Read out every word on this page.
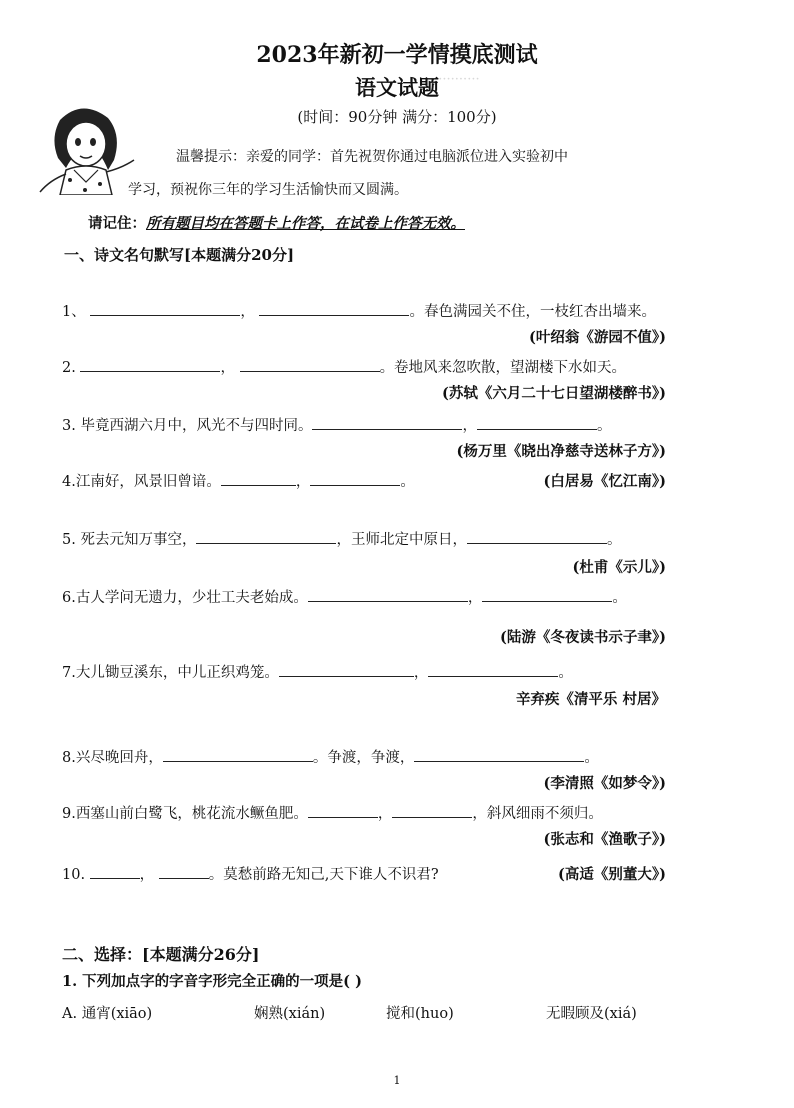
············
2023年新初一学情摸底测试
语文试题
(时间：90分钟 满分：100分)
温馨提示：亲爱的同学：首先祝贺你通过电脑派位进入实验初中
学习，预祝你三年的学习生活愉快而又圆满。
请记住：所有题目均在答题卡上作答，在试卷上作答无效。
一、诗文名句默写[本题满分20分]
1、	，	。春色满园关不住，一枝红杏出墙来。
(叶绍翁《游园不值》)
2.	，	。卷地风来忽吹散，望湖楼下水如天。
(苏轼《六月二十七日望湖楼醉书》)
3. 毕竟西湖六月中，风光不与四时同。	，	。
(杨万里《晓出净慈寺送林子方》)
4.江南好，风景旧曾谙。	，	。	(白居易《忆江南》)
5. 死去元知万事空，	，王师北定中原日，	。
(杜甫《示儿》)
6.古人学问无遗力，少壮工夫老始成。	，	。
(陆游《冬夜读书示子聿》)
7.大儿锄豆溪东，中儿正织鸡笼。	，	。
辛弃疾《清平乐 村居》
8.兴尽晚回舟，	。争渡，争渡，	。
(李清照《如梦令》)
9.西塞山前白鹭飞，桃花流水鳜鱼肥。	，	，斜风细雨不须归。
(张志和《渔歌子》)
10.	，	。莫愁前路无知己,天下谁人不识君?	(高适《别董大》)
二、选择：[本题满分26分]
1. 下列加点字的字音字形完全正确的一项是( )
A. 通宵(xiāo)	娴熟(xián)	搅和(huo)	无暇顾及(xiá)
1
